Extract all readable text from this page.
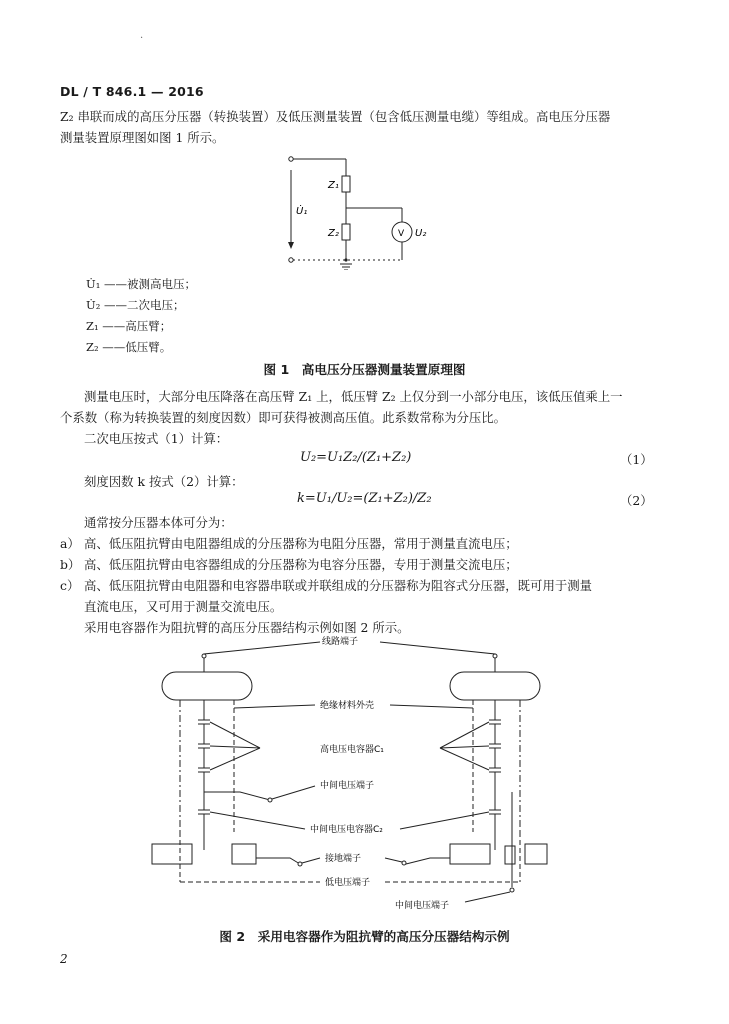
.
DL / T 846.1 — 2016
Z₂ 串联而成的高压分压器（转换装置）及低压测量装置（包含低压测量电缆）等组成。高电压分压器
测量装置原理图如图 1 所示。
Z₁
Z₂
U̇₁
V U₂
U̇₁ ——被测高电压；
U̇₂ ——二次电压；
Z₁ ——高压臂；
Z₂ ——低压臂。
图 1　高电压分压器测量装置原理图
测量电压时，大部分电压降落在高压臂 Z₁ 上，低压臂 Z₂ 上仅分到一小部分电压，该低压值乘上一
个系数（称为转换装置的刻度因数）即可获得被测高压值。此系数常称为分压比。
二次电压按式（1）计算：
U₂=U₁Z₂/(Z₁+Z₂)	（1）
刻度因数 k 按式（2）计算：
k=U₁/U₂=(Z₁+Z₂)/Z₂	（2）
通常按分压器本体可分为：
a） 高、低压阻抗臂由电阻器组成的分压器称为电阻分压器，常用于测量直流电压；
b） 高、低压阻抗臂由电容器组成的分压器称为电容分压器，专用于测量交流电压；
c） 高、低压阻抗臂由电阻器和电容器串联或并联组成的分压器称为阻容式分压器，既可用于测量
直流电压，又可用于测量交流电压。
采用电容器作为阻抗臂的高压分压器结构示例如图 2 所示。
线路端子
绝缘材料外壳
高电压电容器C₁
中间电压端子
中间电压电容器C₂
接地端子
低电压端子
中间电压端子
图 2　采用电容器作为阻抗臂的高压分压器结构示例
2
